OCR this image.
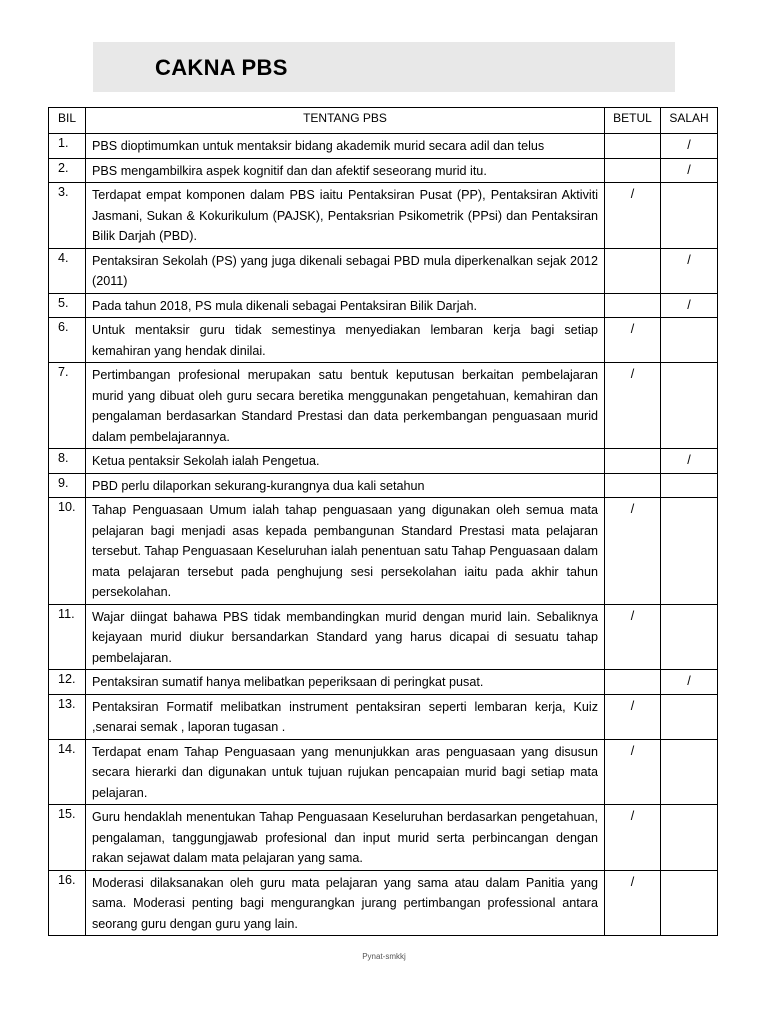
CAKNA PBS
BIL	TENTANG PBS	BETUL	SALAH
1.	PBS dioptimumkan untuk mentaksir bidang akademik murid secara adil dan telus		/
2.	PBS mengambilkira aspek kognitif dan dan afektif seseorang murid itu.		/
3.	Terdapat empat komponen dalam PBS iaitu Pentaksiran Pusat (PP), Pentaksiran Aktiviti Jasmani, Sukan & Kokurikulum (PAJSK), Pentaksrian Psikometrik (PPsi) dan Pentaksiran Bilik Darjah (PBD).	/	
4.	Pentaksiran Sekolah (PS) yang juga dikenali sebagai PBD mula diperkenalkan sejak 2012 (2011)		/
5.	Pada tahun 2018, PS mula dikenali sebagai Pentaksiran Bilik Darjah.		/
6.	Untuk mentaksir guru tidak semestinya menyediakan lembaran kerja bagi setiap kemahiran yang hendak dinilai.	/	
7.	Pertimbangan profesional merupakan satu bentuk keputusan berkaitan pembelajaran murid yang dibuat oleh guru secara beretika menggunakan pengetahuan, kemahiran dan pengalaman berdasarkan Standard Prestasi dan data perkembangan penguasaan murid dalam pembelajarannya.	/	
8.	Ketua pentaksir Sekolah ialah Pengetua.		/
9.	PBD perlu dilaporkan sekurang-kurangnya dua kali setahun		
10.	Tahap Penguasaan Umum ialah tahap penguasaan yang digunakan oleh semua mata pelajaran bagi menjadi asas kepada pembangunan Standard Prestasi mata pelajaran tersebut. Tahap Penguasaan Keseluruhan ialah penentuan satu Tahap Penguasaan dalam mata pelajaran tersebut pada penghujung sesi persekolahan iaitu pada akhir tahun persekolahan.	/	
11.	Wajar diingat bahawa PBS tidak membandingkan murid dengan murid lain. Sebaliknya kejayaan murid diukur bersandarkan Standard yang harus dicapai di sesuatu tahap pembelajaran.	/	
12.	Pentaksiran sumatif hanya melibatkan peperiksaan di peringkat pusat.		/
13.	Pentaksiran Formatif melibatkan instrument pentaksiran seperti lembaran kerja, Kuiz ,senarai semak , laporan tugasan .	/	
14.	Terdapat enam Tahap Penguasaan yang menunjukkan aras penguasaan yang disusun secara hierarki dan digunakan untuk tujuan rujukan pencapaian murid bagi setiap mata pelajaran.	/	
15.	Guru hendaklah menentukan Tahap Penguasaan Keseluruhan berdasarkan pengetahuan, pengalaman, tanggungjawab profesional dan input murid serta perbincangan dengan rakan sejawat dalam mata pelajaran yang sama.	/	
16.	Moderasi dilaksanakan oleh guru mata pelajaran yang sama atau dalam Panitia yang sama. Moderasi penting bagi mengurangkan jurang pertimbangan professional antara seorang guru dengan guru yang lain.	/	
Pynat-smkkj
